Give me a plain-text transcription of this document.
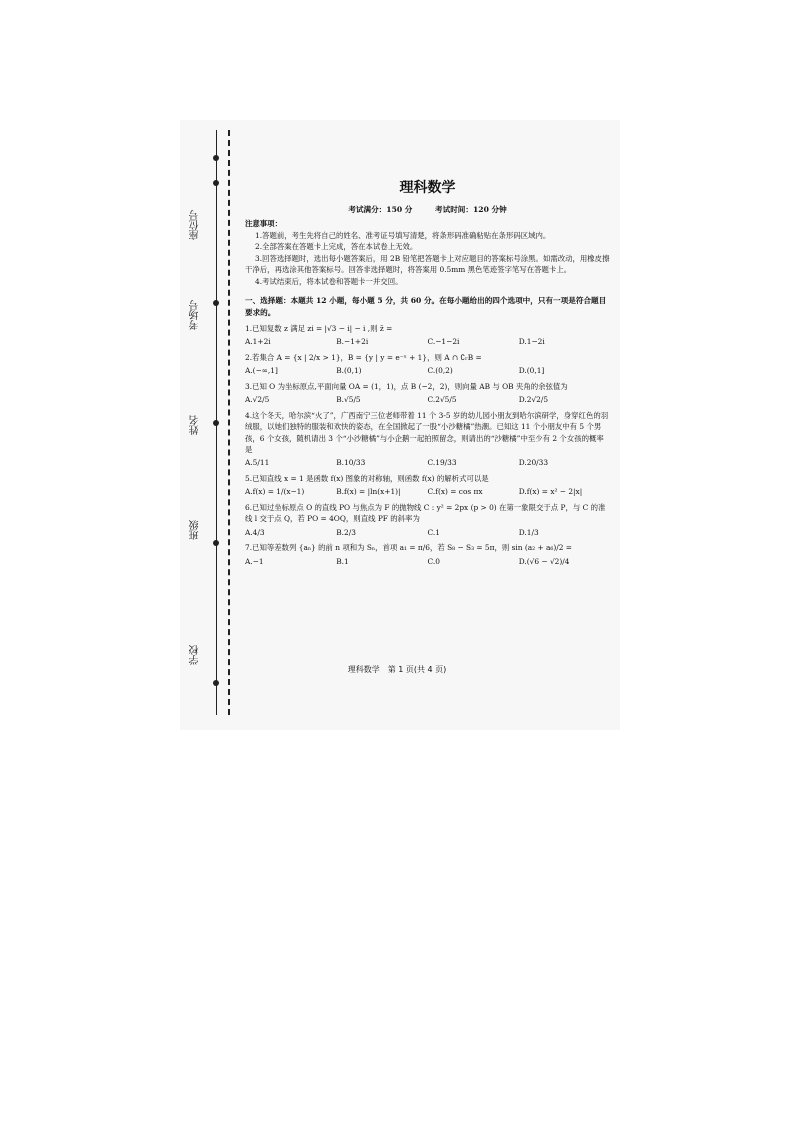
座位号
考场号
姓名
班级
学校
理科数学
考试满分：150 分	考试时间：120 分钟
注意事项：

1.答题前，考生先将自己的姓名、准考证号填写清楚，将条形码准确粘贴在条形码区域内。

2.全部答案在答题卡上完成，答在本试卷上无效。

3.回答选择题时，选出每小题答案后，用 2B 铅笔把答题卡上对应题目的答案标号涂黑。如需改动，用橡皮擦干净后，再选涂其他答案标号。回答非选择题时，将答案用 0.5mm 黑色笔迹签字笔写在答题卡上。

4.考试结束后，将本试卷和答题卡一并交回。

一、选择题：本题共 12 小题，每小题 5 分，共 60 分。在每小题给出的四个选项中，只有一项是符合题目要求的。
1.已知复数 z 满足 zi = |√3 − i| − i ,则 z̄ =
A.1+2i	B.−1+2i	C.−1−2i	D.1−2i
2.若集合 A = {x | 2/x > 1}，B = {y | y = e⁻ˣ + 1}，则 A ∩ ∁ᵣB =
A.(−∞,1]	B.(0,1)	C.(0,2)	D.(0,1]
3.已知 O 为坐标原点,平面向量 OA = (1，1)，点 B (−2，2)，则向量 AB 与 OB 夹角的余弦值为
A.√2/5	B.√5/5	C.2√5/5	D.2√2/5
4.这个冬天，哈尔滨“火了”，广西南宁三位老师带着 11 个 3-5 岁的幼儿园小朋友到哈尔滨研学，身穿红色的羽绒服，以她们独特的服装和欢快的姿态，在全国掀起了一股“小沙糖橘”热潮。已知这 11 个小朋友中有 5 个男孩，6 个女孩，随机请出 3 个“小沙糖橘”与小企鹅一起拍照留念，则请出的“沙糖橘”中至少有 2 个女孩的概率是
A.5/11	B.10/33	C.19/33	D.20/33
5.已知直线 x = 1 是函数 f(x) 图象的对称轴，则函数 f(x) 的解析式可以是
A.f(x) = 1/(x−1)	B.f(x) = |ln(x+1)|	C.f(x) = cos πx	D.f(x) = x² − 2|x|
6.已知过坐标原点 O 的直线 PO 与焦点为 F 的抛物线 C : y² = 2px (p > 0) 在第一象限交于点 P，与 C 的准线 l 交于点 Q，若 PO = 4OQ，则直线 PF 的斜率为
A.4/3	B.2/3	C.1	D.1/3
7.已知等差数列 {aₙ} 的前 n 项和为 Sₙ，首项 a₁ = π/6，若 S₈ − S₃ = 5π，则 sin (a₂ + a₆)/2 =
A.−1	B.1	C.0	D.(√6 − √2)/4
理科数学　第 1 页(共 4 页)
